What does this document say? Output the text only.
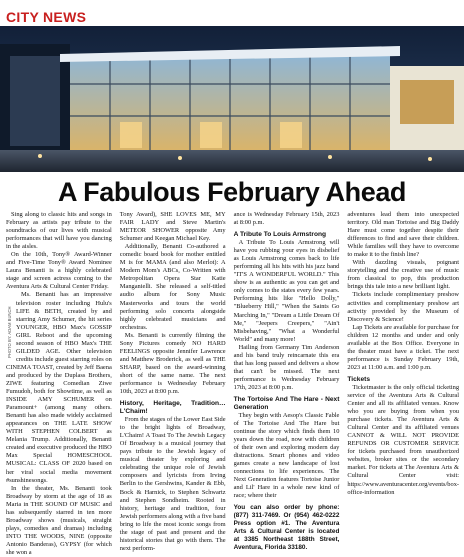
CITY NEWS
A Fabulous February Ahead

Sing along to classic hits and songs in February as artists pay tribute to the soundtracks of our lives with musical performances that will have you dancing in the aisles.

On the 10th, Tony® Award-Winner and Five-Time Tony® Award Nominee Laura Benanti is a highly celebrated stage and screen actress coming to the Aventura Arts & Cultural Center Friday.

PHOTO BY: ADAM BUNCH
Ms. Benanti has an impressive television roster including Hulu's LIFE & BETH, created by and starring Amy Schumer, the hit series YOUNGER, HBO Max's GOSSIP GIRL Reboot and the upcoming second season of HBO Max's THE GILDED AGE. Other television credits include guest starring roles on CINEMA TOAST, created by Jeff Baena and produced by the Duplass Brothers, ZIWE featuring Comedian Ziwe Fumudoh, both for Showtime, as well as INSIDE AMY SCHUMER on Paramount+ (among many others. Benanti has also made widely acclaimed appearances on THE LATE SHOW WITH STEPHEN COLBERT as Melania Trump. Additionally, Benanti created and executive produced the HBO Max Special HOMESCHOOL MUSICAL: CLASS OF 2020 based on her viral social media movement #sunshinesongs.

In the theater, Ms. Benanti took Broadway by storm at the age of 18 as Maria in THE SOUND OF MUSIC and has subsequently starred in ten more Broadway shows (musicals, straight plays, comedies and dramas) including INTO THE WOODS, NINE (opposite Antonio Banderas), GYPSY (for which she won a

Tony Award), SHE LOVES ME, MY FAIR LADY and Steve Martin's METEOR SHOWER opposite Amy Schumer and Keegan Michael Key.

Additionally, Benanti Co-authored a comedic board book for mother entitled M is for MAMA (and also Merlot): A Modern Mom's ABCs, Co-Written with Metropolitan Opera Star Katie Manganielli. She released a self-titled audio album for Sony Music Masterworks and tours the world performing solo concerts alongside highly celebrated musicians and orchestras.

Ms. Benanti is currently filming the Sony Pictures comedy NO HARD FEELINGS opposite Jennifer Lawrence and Matthew Broderick, as well as THE SHARP, based on the award-winning short of the same name. The next performance is Wednesday February 10th, 2023 at 8:00 p.m.

History, Heritage, Tradition…L'Chaim!

From the stages of the Lower East Side to the bright lights of Broadway, L'Chaim! A Toast To The Jewish Legacy Of Broadway is a musical journey that pays tribute to the Jewish legacy of musical theater by exploring and celebrating the unique role of Jewish composers and lyricists from Irving Berlin to the Gershwins, Kander & Ebb, Bock & Harnick, to Stephen Schwartz and Stephen Sondheim. Rooted in history, heritage and tradition, four Jewish performers along with a five band bring to life the most iconic songs from the stage of past and present and the historical stories that go with them. The next perform-

ance is Wednesday February 15th, 2023 at 8:00 p.m.

A Tribute To Louis Armstrong

A Tribute To Louis Armstrong will have you rubbing your eyes in disbelief as Louis Armstrong comes back to life performing all his hits with his jazz band "IT'S A WONDERFUL WORLD." This show is as authentic as you can get and only comes to the states every few years. Performing hits like "Hello Dolly," "Blueberry Hill," "When the Saints Go Marching In," "Dream a Little Dream Of Me," "Jeepers Creepers," "Ain't Misbehaving," "What a Wonderful World" and many more!

Hailing from Germany Tim Anderson and his band truly reincarnate this era that has long passed and delivers a show that can't be missed. The next performance is Wednesday February 17th, 2023 at 8:00 p.m.

The Tortoise And The Hare - Next Generation

They begin with Aesop's Classic Fable of The Tortoise And The Hare but continue the story which finds them 10 years down the road, now with children of their own and exploring modern day distractions. Smart phones and video games create a new landscape of lost connections to life experiences. The Next Generation features Tortoise Junior and Lil' Hare in a whole new kind of race; where their

You can also order by phone: (877) 311-7469. Or (954) 462-0222 Press option #1. The Aventura Arts & Cultural Center is located at 3385 Northeast 188th Street, Aventura, Florida 33180.

adventures lead them into unexpected territory. Old man Tortoise and Big Daddy Hare must come together despite their differences to find and save their children. While families will they have to overcome to make it to the finish line?

With dazzling visuals, poignant storytelling and the creative use of music from classical to pop, this production brings this tale into a new brilliant light.

Tickets include complimentary preshow activities and complimentary preshow art activity provided by the Museum of Discovery & Science!

Lap Tickets are available for purchase for children 12 months and under and only available at the Box Office. Everyone in the theater must have a ticket. The next performance is Sunday February 19th, 2023 at 11:00 a.m. and 1:00 p.m.

Tickets

Ticketmaster is the only official ticketing service of the Aventura Arts & Cultural Center and all its affiliated venues. Know who you are buying from when you purchase tickets. The Aventura Arts & Cultural Center and its affiliated venues CANNOT & WILL NOT PROVIDE REFUNDS OR CUSTOMER SERVICE for tickets purchased from unauthorized websites, broker sites or the secondary market. For tickets at The Aventura Arts & Cultural Center visit: https://www.aventuracenter.org/events/box-office-information
